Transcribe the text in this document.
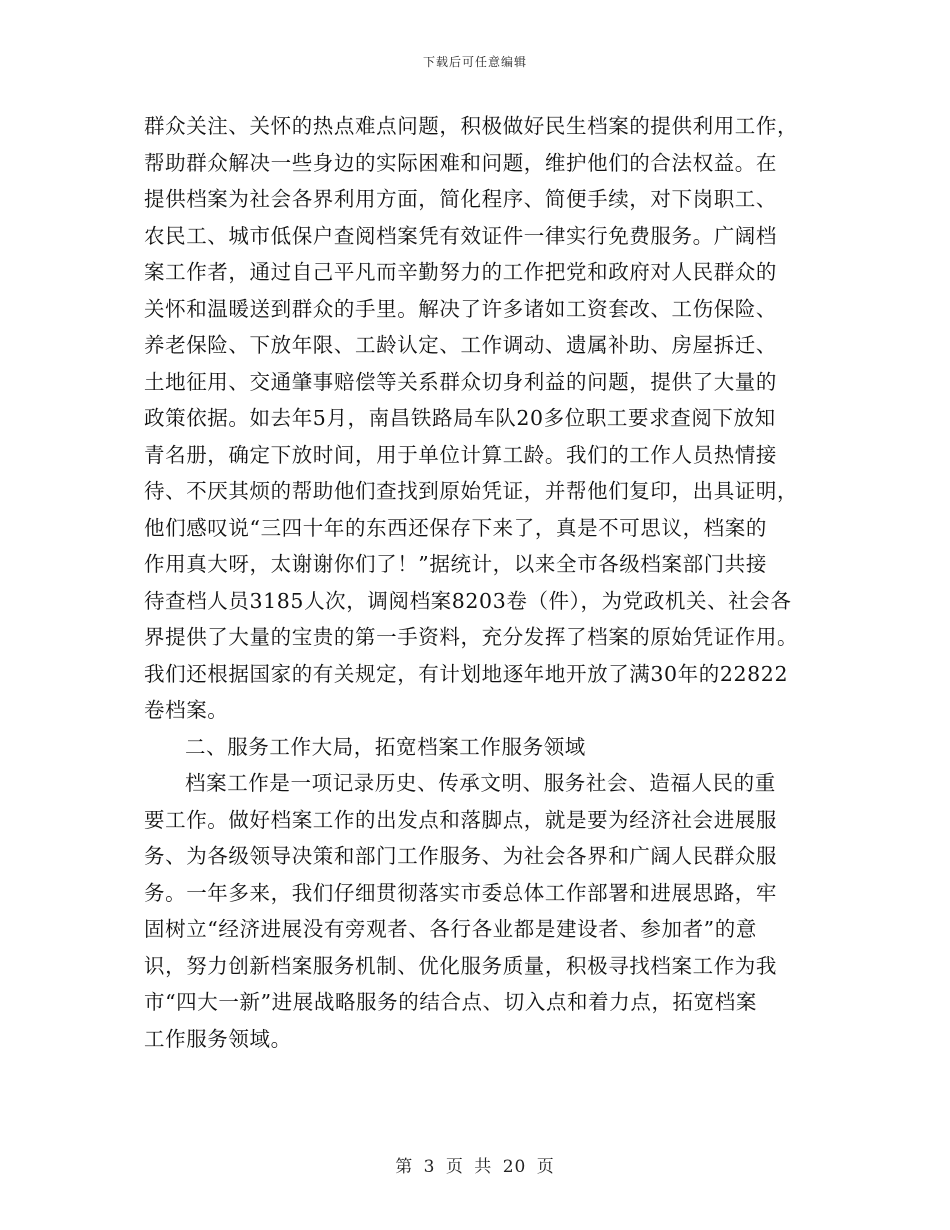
下载后可任意编辑
群众关注、关怀的热点难点问题，积极做好民生档案的提供利用工作，
帮助群众解决一些身边的实际困难和问题，维护他们的合法权益。在
提供档案为社会各界利用方面，简化程序、简便手续，对下岗职工、
农民工、城市低保户查阅档案凭有效证件一律实行免费服务。广阔档
案工作者，通过自己平凡而辛勤努力的工作把党和政府对人民群众的
关怀和温暖送到群众的手里。解决了许多诸如工资套改、工伤保险、
养老保险、下放年限、工龄认定、工作调动、遗属补助、房屋拆迁、
土地征用、交通肇事赔偿等关系群众切身利益的问题，提供了大量的
政策依据。如去年5月，南昌铁路局车队20多位职工要求查阅下放知
青名册，确定下放时间，用于单位计算工龄。我们的工作人员热情接
待、不厌其烦的帮助他们查找到原始凭证，并帮他们复印，出具证明，
他们感叹说“三四十年的东西还保存下来了，真是不可思议，档案的
作用真大呀，太谢谢你们了！”据统计，以来全市各级档案部门共接
待查档人员3185人次，调阅档案8203卷（件），为党政机关、社会各
界提供了大量的宝贵的第一手资料，充分发挥了档案的原始凭证作用。
我们还根据国家的有关规定，有计划地逐年地开放了满30年的22822
卷档案。
二、服务工作大局，拓宽档案工作服务领域
档案工作是一项记录历史、传承文明、服务社会、造福人民的重
要工作。做好档案工作的出发点和落脚点，就是要为经济社会进展服
务、为各级领导决策和部门工作服务、为社会各界和广阔人民群众服
务。一年多来，我们仔细贯彻落实市委总体工作部署和进展思路，牢
固树立“经济进展没有旁观者、各行各业都是建设者、参加者”的意
识，努力创新档案服务机制、优化服务质量，积极寻找档案工作为我
市“四大一新”进展战略服务的结合点、切入点和着力点，拓宽档案
工作服务领域。
第 3 页 共 20 页
